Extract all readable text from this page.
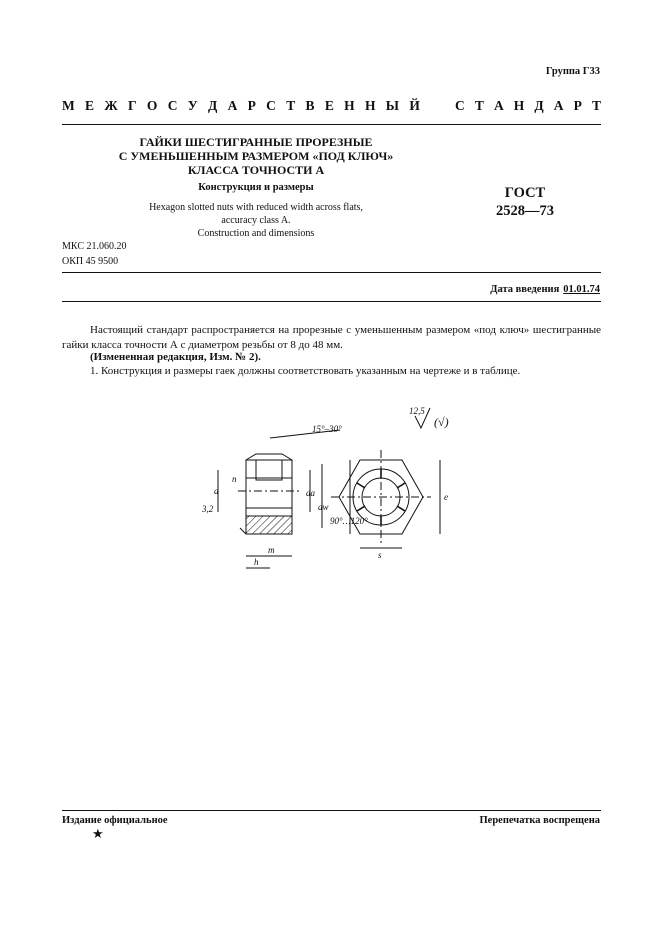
Группа Г33
М Е Ж Г О С У Д А Р С Т В Е Н Н Ы Й	С Т А Н Д А Р Т
ГАЙКИ ШЕСТИГРАННЫЕ ПРОРЕЗНЫЕ
С УМЕНЬШЕННЫМ РАЗМЕРОМ «ПОД КЛЮЧ»
КЛАССА ТОЧНОСТИ А
Конструкция и размеры
Hexagon slotted nuts with reduced width across flats,
accuracy class A.
Construction and dimensions
ГОСТ
2528—73
МКС 21.060.20
ОКП 45 9500
Дата введения 01.01.74
Настоящий стандарт распространяется на прорезные с уменьшенным размером «под ключ» шестигранные гайки класса точности А с диаметром резьбы от 8 до 48 мм.
(Измененная редакция, Изм. № 2).
1. Конструкция и размеры гаек должны соответствовать указанным на чертеже и в таблице.
12,5
(√)
15°–30°
d
n
da
dw
90°…120°
m
h
e
s
3,2
Издание официальное	Перепечатка воспрещена
★
